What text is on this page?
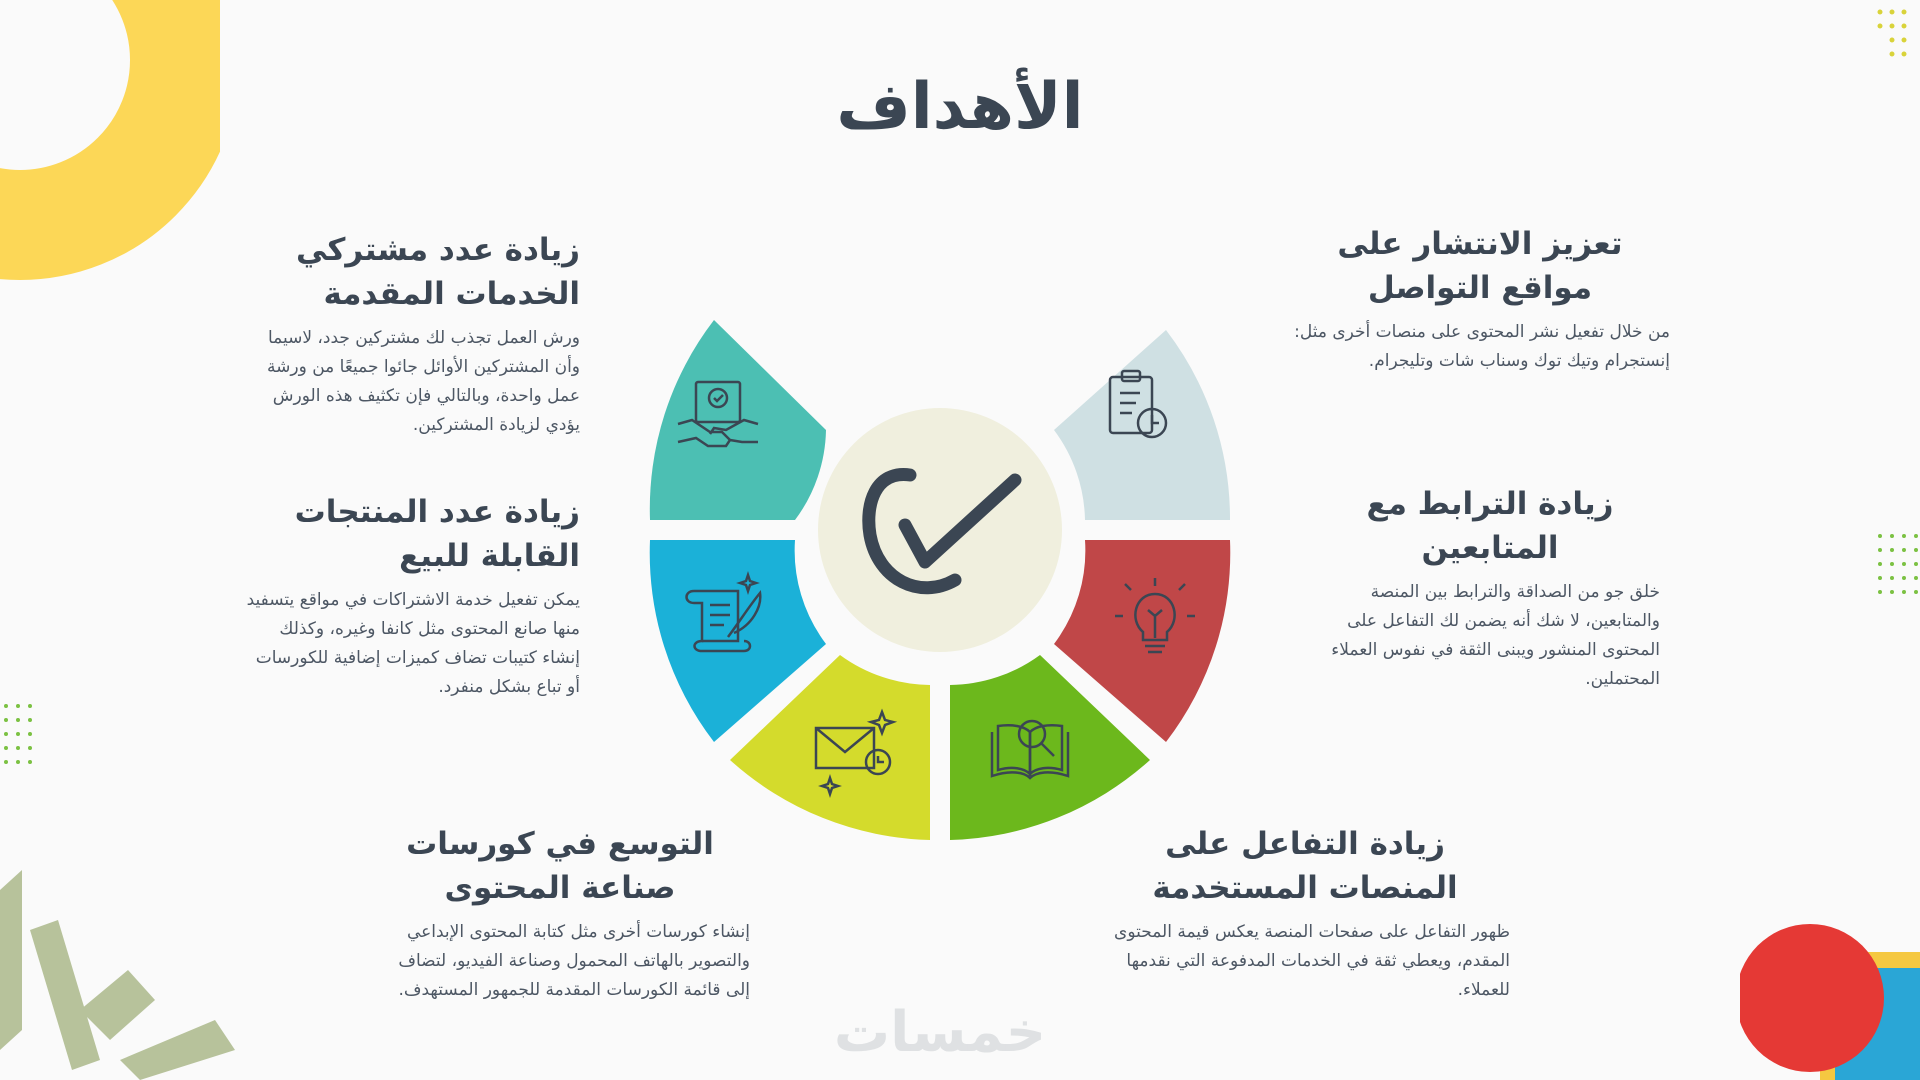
الأهداف
تعزيز الانتشار على مواقع التواصل

من خلال تفعيل نشر المحتوى على منصات أخرى مثل: إنستجرام وتيك توك وسناب شات وتليجرام.

زيادة الترابط مع المتابعين

خلق جو من الصداقة والترابط بين المنصة والمتابعين، لا شك أنه يضمن لك التفاعل على المحتوى المنشور ويبنى الثقة في نفوس العملاء المحتملين.

زيادة التفاعل على المنصات المستخدمة

ظهور التفاعل على صفحات المنصة يعكس قيمة المحتوى المقدم، ويعطي ثقة في الخدمات المدفوعة التي نقدمها للعملاء.

التوسع في كورسات صناعة المحتوى

إنشاء كورسات أخرى مثل كتابة المحتوى الإبداعي والتصوير بالهاتف المحمول وصناعة الفيديو، لتضاف إلى قائمة الكورسات المقدمة للجمهور المستهدف.

زيادة عدد المنتجات القابلة للبيع

يمكن تفعيل خدمة الاشتراكات في مواقع يتسفيد منها صانع المحتوى مثل كانفا وغيره، وكذلك إنشاء كتيبات تضاف كميزات إضافية للكورسات أو تباع بشكل منفرد.

زيادة عدد مشتركي الخدمات المقدمة

ورش العمل تجذب لك مشتركين جدد، لاسيما وأن المشتركين الأوائل جائوا جميعًا من ورشة عمل واحدة، وبالتالي فإن تكثيف هذه الورش يؤدي لزيادة المشتركين.

خمسات
